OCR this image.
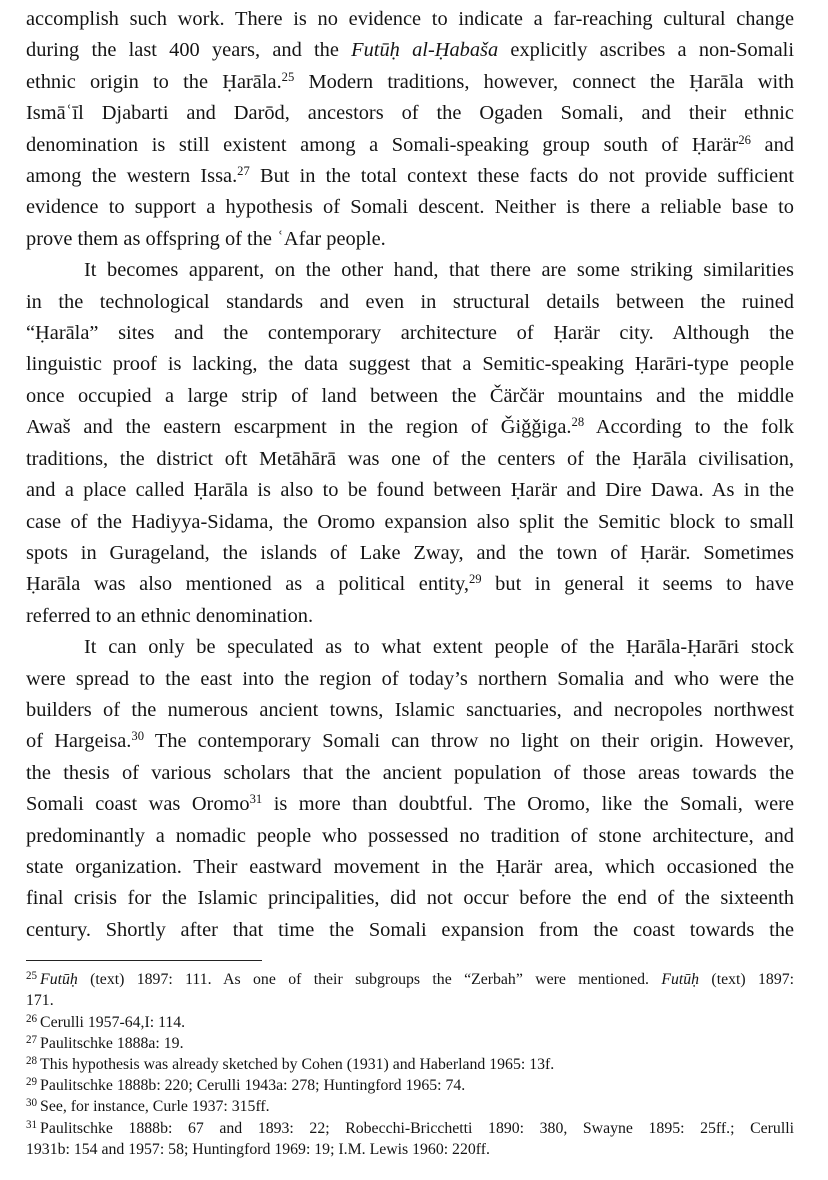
accomplish such work. There is no evidence to indicate a far-reaching cultural change
during the last 400 years, and the Futūḥ al-Ḥabaša explicitly ascribes a non-Somali
ethnic origin to the Ḥarāla.$^{25}$ Modern traditions, however, connect the Ḥarāla with
Ismāʿīl Djabarti and Darōd, ancestors of the Ogaden Somali, and their ethnic
denomination is still existent among a Somali-speaking group south of Ḥarär$^{26}$ and
among the western Issa.$^{27}$ But in the total context these facts do not provide sufficient
evidence to support a hypothesis of Somali descent. Neither is there a reliable base to
prove them as offspring of the ʿAfar people.
It becomes apparent, on the other hand, that there are some striking similarities
in the technological standards and even in structural details between the ruined
“Ḥarāla” sites and the contemporary architecture of Ḥarär city. Although the
linguistic proof is lacking, the data suggest that a Semitic-speaking Ḥarāri-type people
once occupied a large strip of land between the Čärčär mountains and the middle
Awaš and the eastern escarpment in the region of Ǧiǧǧiga.$^{28}$ According to the folk
traditions, the district oft Metāhārā was one of the centers of the Ḥarāla civilisation,
and a place called Ḥarāla is also to be found between Ḥarär and Dire Dawa. As in the
case of the Hadiyya-Sidama, the Oromo expansion also split the Semitic block to small
spots in Gurageland, the islands of Lake Zway, and the town of Ḥarär. Sometimes
Ḥarāla was also mentioned as a political entity,$^{29}$ but in general it seems to have
referred to an ethnic denomination.
It can only be speculated as to what extent people of the Ḥarāla-Ḥarāri stock
were spread to the east into the region of today’s northern Somalia and who were the
builders of the numerous ancient towns, Islamic sanctuaries, and necropoles northwest
of Hargeisa.$^{30}$ The contemporary Somali can throw no light on their origin. However,
the thesis of various scholars that the ancient population of those areas towards the
Somali coast was Oromo$^{31}$ is more than doubtful. The Oromo, like the Somali, were
predominantly a nomadic people who possessed no tradition of stone architecture, and
state organization. Their eastward movement in the Ḥarär area, which occasioned the
final crisis for the Islamic principalities, did not occur before the end of the sixteenth
century. Shortly after that time the Somali expansion from the coast towards the
$^{25}$ Futūḥ (text) 1897: 111. As one of their subgroups the “Zerbah” were mentioned. Futūḥ (text) 1897:
171.
$^{26}$ Cerulli 1957-64,I: 114.
$^{27}$ Paulitschke 1888a: 19.
$^{28}$ This hypothesis was already sketched by Cohen (1931) and Haberland 1965: 13f.
$^{29}$ Paulitschke 1888b: 220; Cerulli 1943a: 278; Huntingford 1965: 74.
$^{30}$ See, for instance, Curle 1937: 315ff.
$^{31}$ Paulitschke 1888b: 67 and 1893: 22; Robecchi-Bricchetti 1890: 380, Swayne 1895: 25ff.; Cerulli
1931b: 154 and 1957: 58; Huntingford 1969: 19; I.M. Lewis 1960: 220ff.
